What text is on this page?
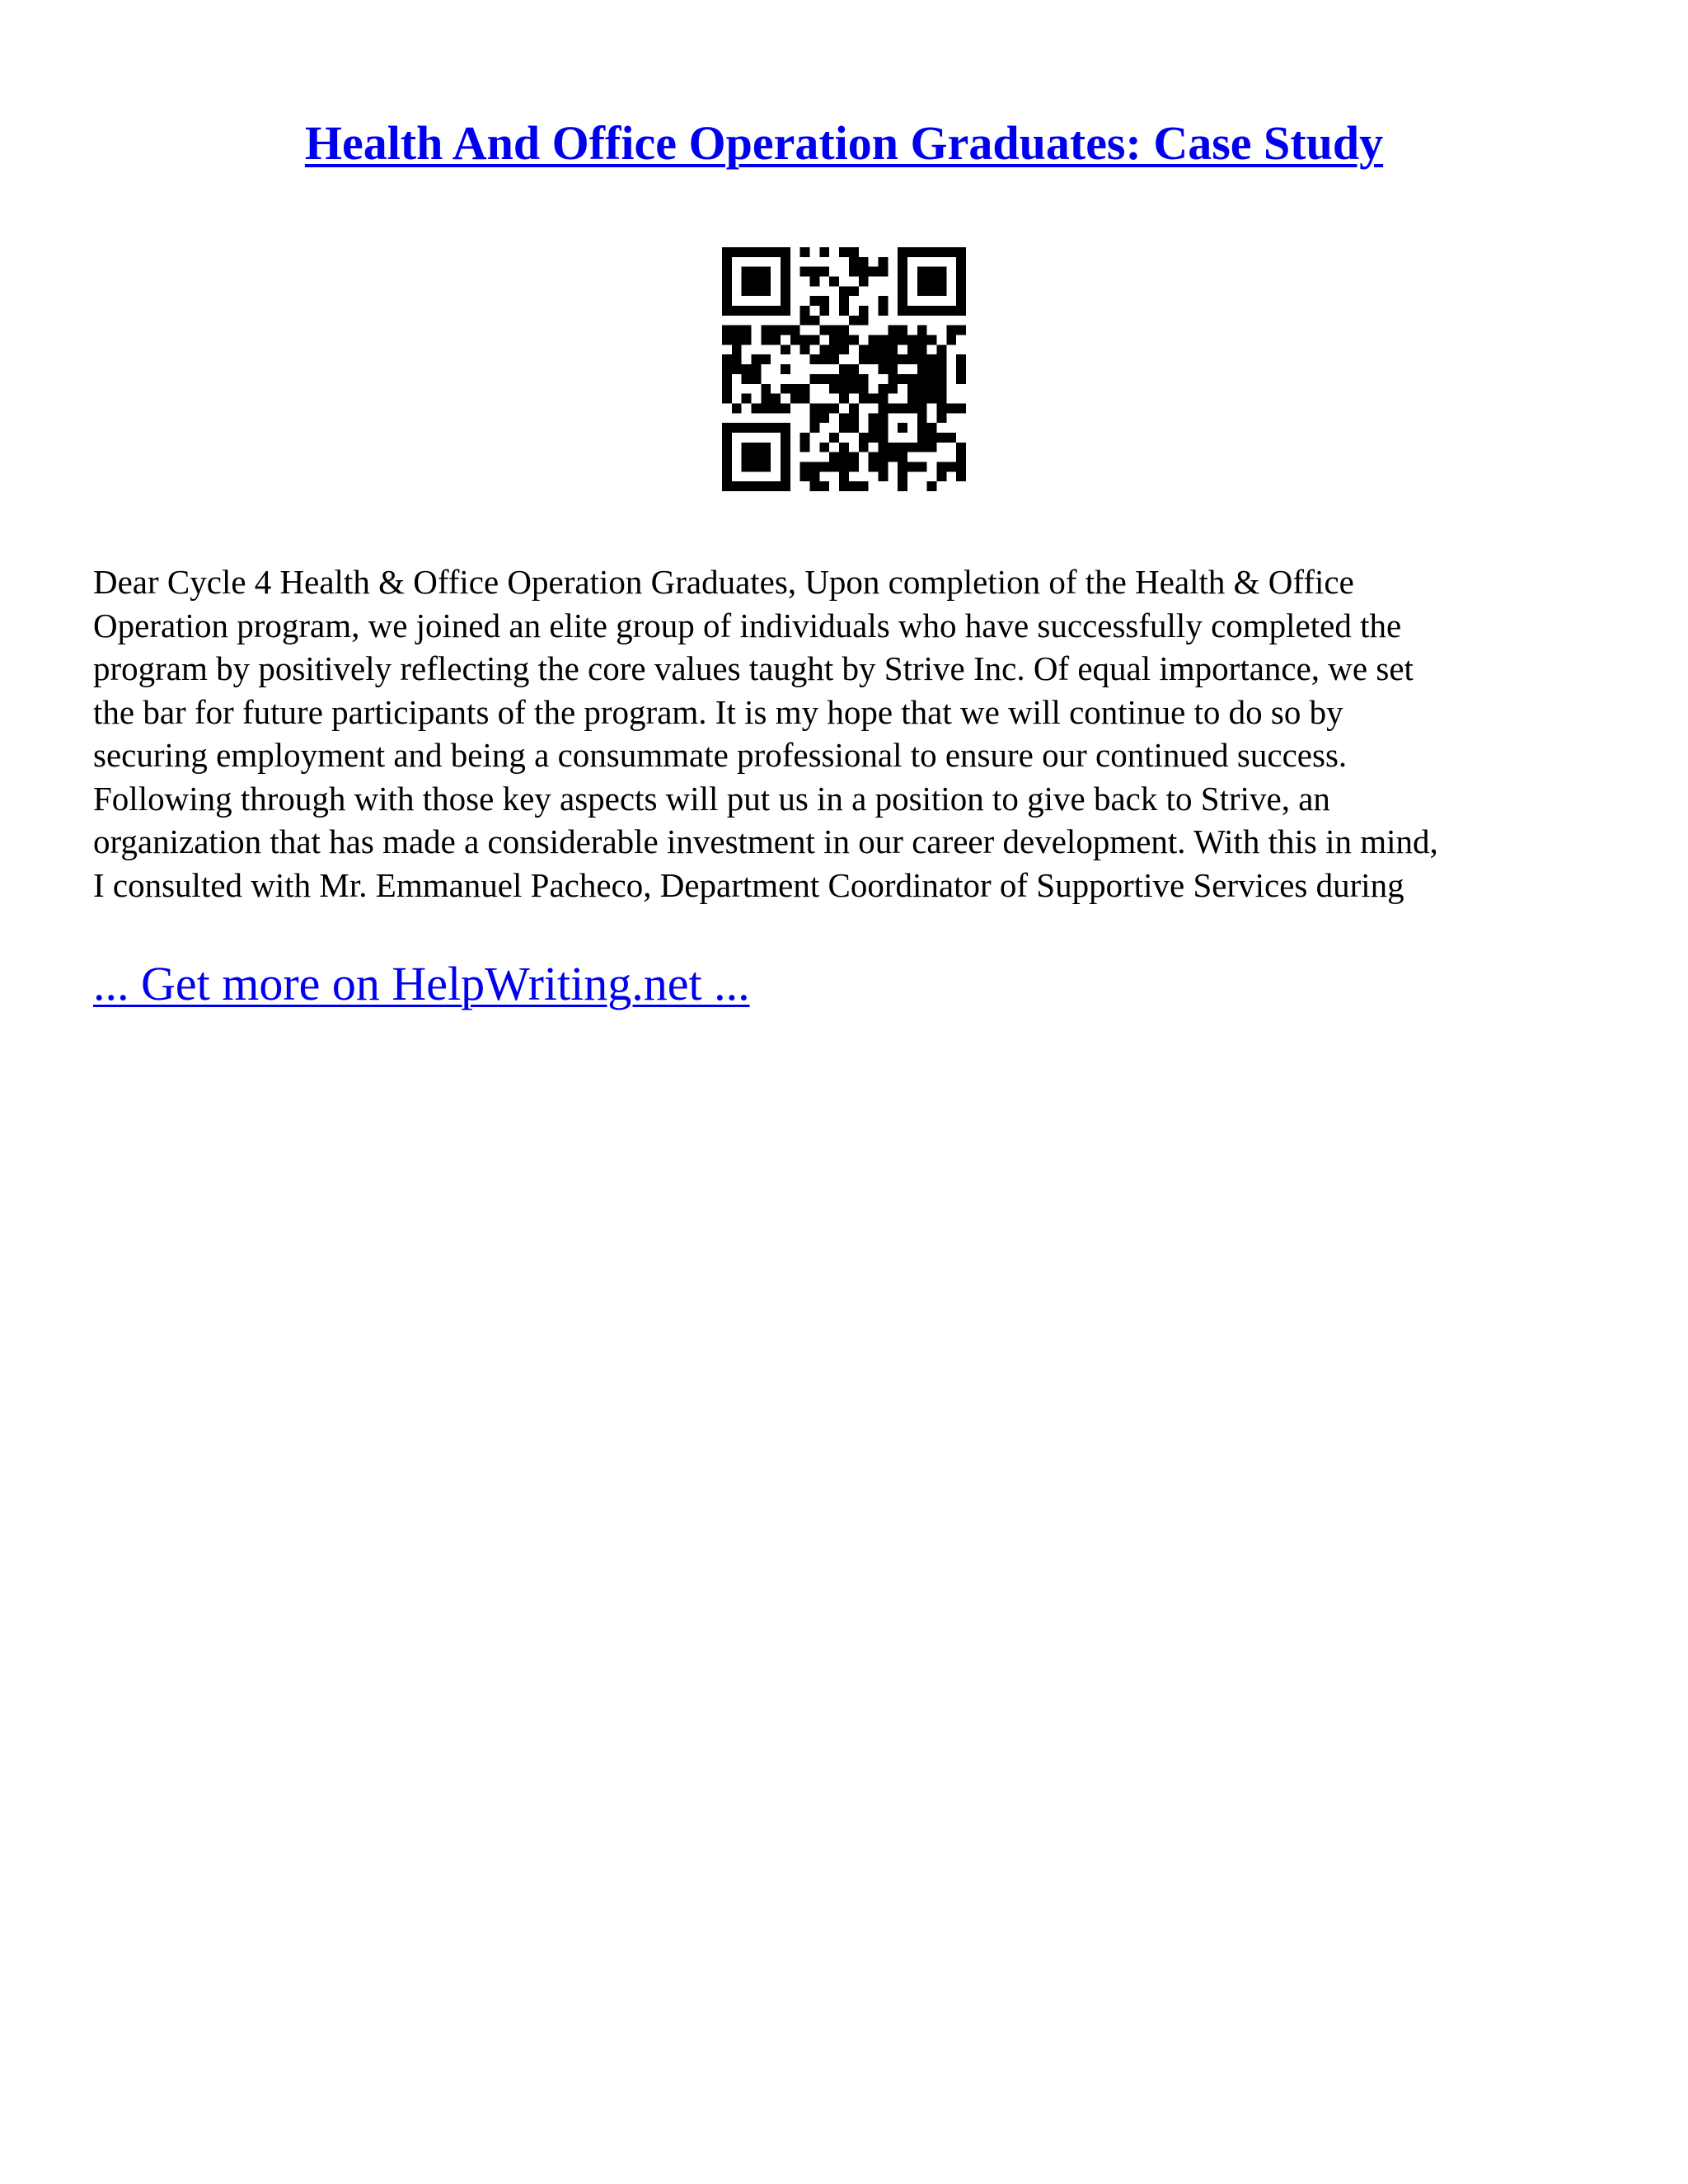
Health And Office Operation Graduates: Case Study
Dear Cycle 4 Health & Office Operation Graduates, Upon completion of the Health & Office
Operation program, we joined an elite group of individuals who have successfully completed the
program by positively reflecting the core values taught by Strive Inc. Of equal importance, we set
the bar for future participants of the program. It is my hope that we will continue to do so by
securing employment and being a consummate professional to ensure our continued success.
Following through with those key aspects will put us in a position to give back to Strive, an
organization that has made a considerable investment in our career development. With this in mind,
I consulted with Mr. Emmanuel Pacheco, Department Coordinator of Supportive Services during
... Get more on HelpWriting.net ...
